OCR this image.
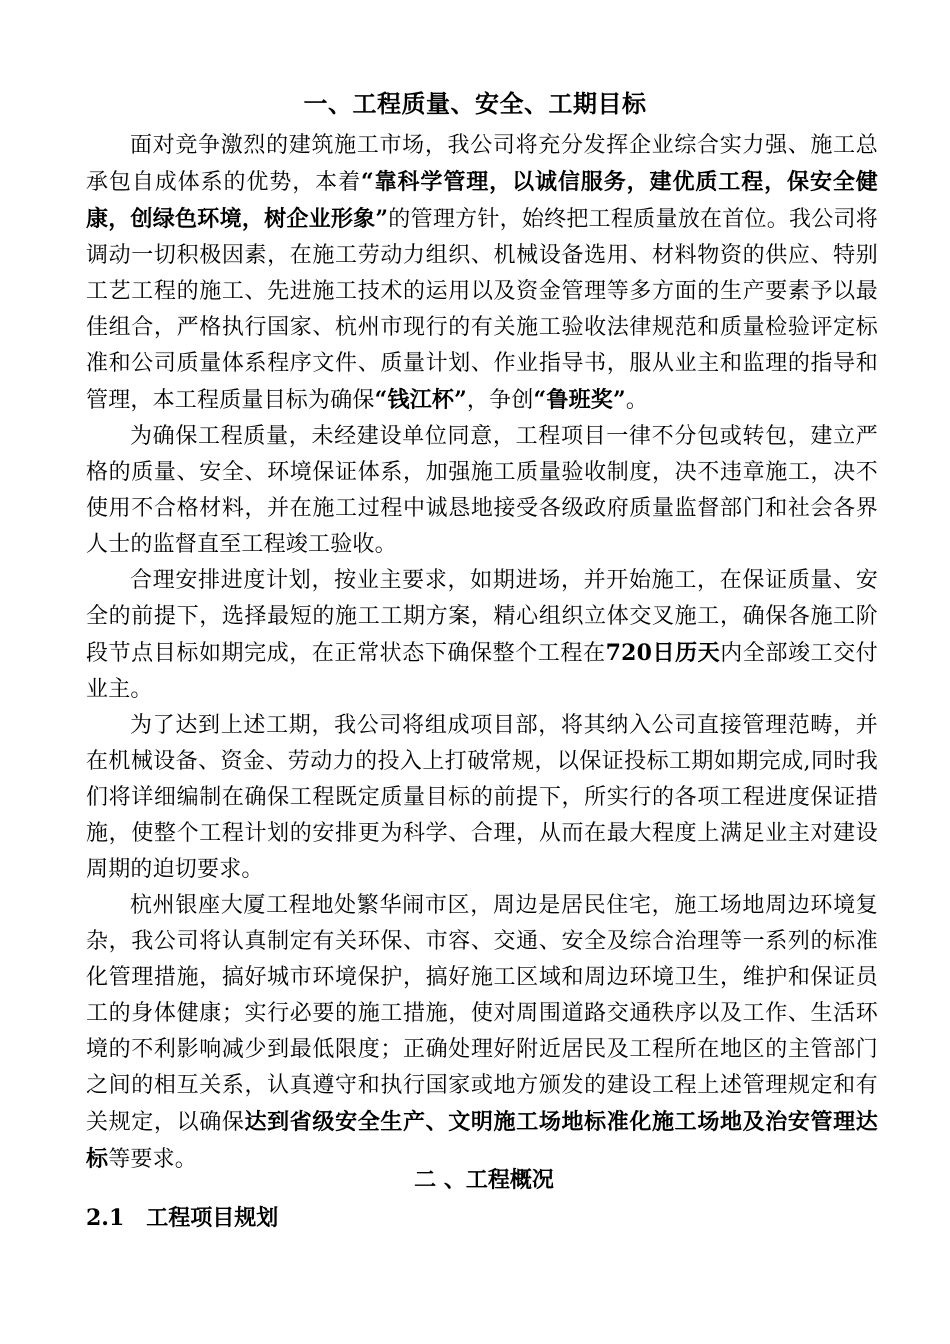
一、工程质量、安全、工期目标

面对竞争激烈的建筑施工市场，我公司将充分发挥企业综合实力强、施工总承包自成体系的优势，本着“靠科学管理，以诚信服务，建优质工程，保安全健康，创绿色环境，树企业形象”的管理方针，始终把工程质量放在首位。我公司将调动一切积极因素，在施工劳动力组织、机械设备选用、材料物资的供应、特别工艺工程的施工、先进施工技术的运用以及资金管理等多方面的生产要素予以最佳组合，严格执行国家、杭州市现行的有关施工验收法律规范和质量检验评定标准和公司质量体系程序文件、质量计划、作业指导书，服从业主和监理的指导和管理，本工程质量目标为确保“钱江杯”，争创“鲁班奖”。

为确保工程质量，未经建设单位同意，工程项目一律不分包或转包，建立严格的质量、安全、环境保证体系，加强施工质量验收制度，决不违章施工，决不使用不合格材料，并在施工过程中诚恳地接受各级政府质量监督部门和社会各界人士的监督直至工程竣工验收。

合理安排进度计划，按业主要求，如期进场，并开始施工，在保证质量、安全的前提下，选择最短的施工工期方案，精心组织立体交叉施工，确保各施工阶段节点目标如期完成，在正常状态下确保整个工程在720日历天内全部竣工交付业主。

为了达到上述工期，我公司将组成项目部，将其纳入公司直接管理范畴，并在机械设备、资金、劳动力的投入上打破常规，以保证投标工期如期完成,同时我们将详细编制在确保工程既定质量目标的前提下，所实行的各项工程进度保证措施，使整个工程计划的安排更为科学、合理，从而在最大程度上满足业主对建设周期的迫切要求。

杭州银座大厦工程地处繁华闹市区，周边是居民住宅，施工场地周边环境复杂，我公司将认真制定有关环保、市容、交通、安全及综合治理等一系列的标准化管理措施，搞好城市环境保护，搞好施工区域和周边环境卫生，维护和保证员工的身体健康；实行必要的施工措施，使对周围道路交通秩序以及工作、生活环境的不利影响减少到最低限度；正确处理好附近居民及工程所在地区的主管部门之间的相互关系，认真遵守和执行国家或地方颁发的建设工程上述管理规定和有关规定，以确保达到省级安全生产、文明施工场地标准化施工场地及治安管理达标等要求。

二 、工程概况
2.1 工程项目规划
